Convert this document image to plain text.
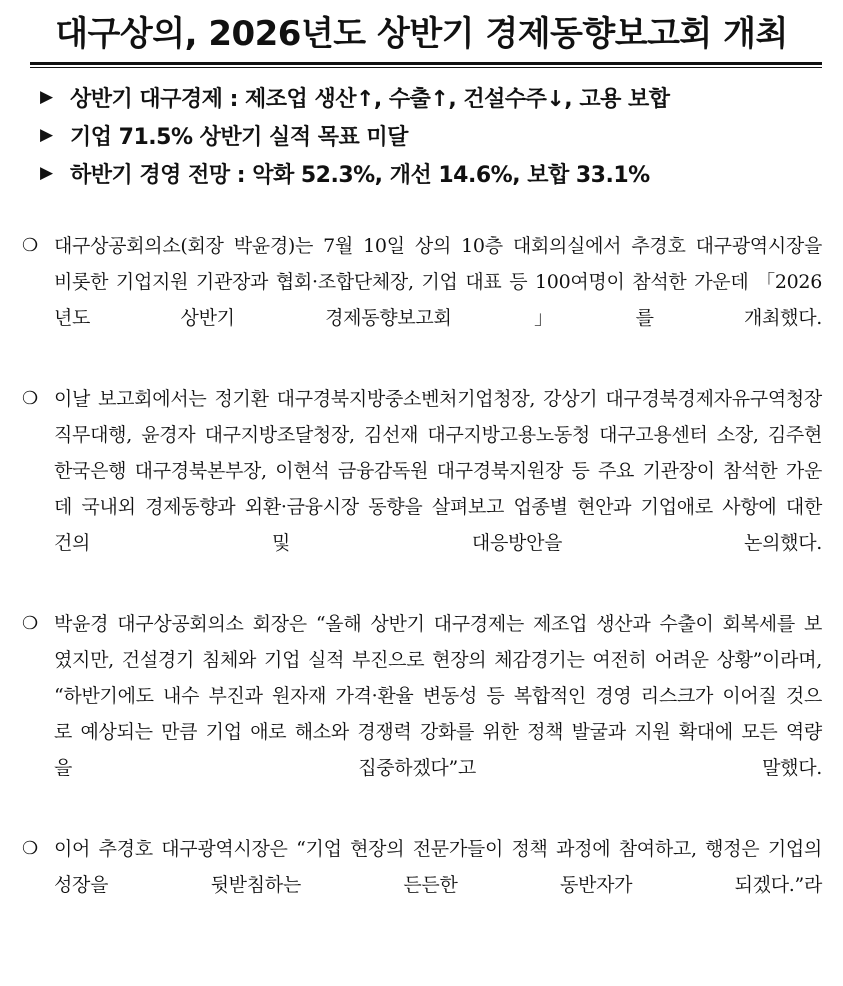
대구상의, 2026년도 상반기 경제동향보고회 개최
▶ 상반기 대구경제 : 제조업 생산↑, 수출↑, 건설수주↓, 고용 보합
▶ 기업 71.5% 상반기 실적 목표 미달
▶ 하반기 경영 전망 : 악화 52.3%, 개선 14.6%, 보합 33.1%
❍ 대구상공회의소(회장 박윤경)는 7월 10일 상의 10층 대회의실에서 추경호 대구광역시장을 비롯한 기업지원 기관장과 협회·조합단체장, 기업 대표 등 100여명이 참석한 가운데 「2026년도 상반기 경제동향보고회」를 개최했다.
❍ 이날 보고회에서는 정기환 대구경북지방중소벤처기업청장, 강상기 대구경북경제자유구역청장 직무대행, 윤경자 대구지방조달청장, 김선재 대구지방고용노동청 대구고용센터 소장, 김주현 한국은행 대구경북본부장, 이현석 금융감독원 대구경북지원장 등 주요 기관장이 참석한 가운데 국내외 경제동향과 외환·금융시장 동향을 살펴보고 업종별 현안과 기업애로 사항에 대한 건의 및 대응방안을 논의했다.
❍ 박윤경 대구상공회의소 회장은 “올해 상반기 대구경제는 제조업 생산과 수출이 회복세를 보였지만, 건설경기 침체와 기업 실적 부진으로 현장의 체감경기는 여전히 어려운 상황”이라며, “하반기에도 내수 부진과 원자재 가격·환율 변동성 등 복합적인 경영 리스크가 이어질 것으로 예상되는 만큼 기업 애로 해소와 경쟁력 강화를 위한 정책 발굴과 지원 확대에 모든 역량을 집중하겠다”고 말했다.
❍ 이어 추경호 대구광역시장은 “기업 현장의 전문가들이 정책 과정에 참여하고, 행정은 기업의 성장을 뒷받침하는 든든한 동반자가 되겠다.”라
